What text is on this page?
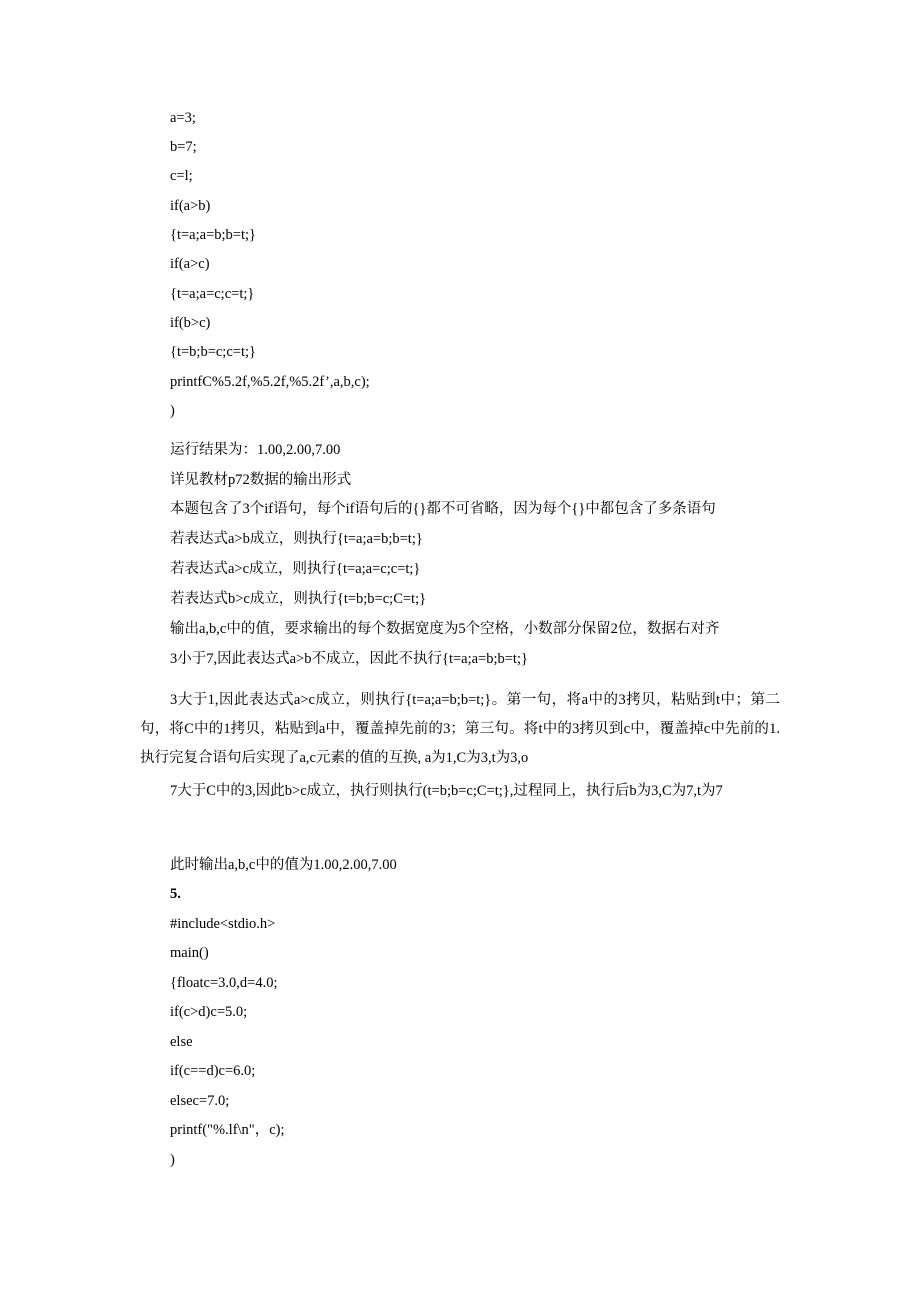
a=3;
b=7;
c=l;
if(a>b)
{t=a;a=b;b=t;}
if(a>c)
{t=a;a=c;c=t;}
if(b>c)
{t=b;b=c;c=t;}
printfC%5.2f,%5.2f,%5.2f’,a,b,c);
)
运行结果为：1.00,2.00,7.00
详见教材p72数据的输出形式
本题包含了3个if语句，每个if语句后的{}都不可省略，因为每个{}中都包含了多条语句
若表达式a>b成立，则执行{t=a;a=b;b=t;}
若表达式a>c成立，则执行{t=a;a=c;c=t;}
若表达式b>c成立，则执行{t=b;b=c;C=t;}
输出a,b,c中的值，要求输出的每个数据宽度为5个空格，小数部分保留2位，数据右对齐
3小于7,因此表达式a>b不成立，因此不执行{t=a;a=b;b=t;}
3大于1,因此表达式a>c成立，则执行{t=a;a=b;b=t;}。第一句，将a中的3拷贝，粘贴到t中；第二句，将C中的1拷贝，粘贴到a中，覆盖掉先前的3；第三句。将t中的3拷贝到c中，覆盖掉c中先前的1.执行完复合语句后实现了a,c元素的值的互换, a为1,C为3,t为3,o
7大于C中的3,因此b>c成立，执行则执行(t=b;b=c;C=t;},过程同上，执行后b为3,C为7,t为7
此时输出a,b,c中的值为1.00,2.00,7.00
5.
#include<stdio.h>
main()
{floatc=3.0,d=4.0;
if(c>d)c=5.0;
else
if(c==d)c=6.0;
elsec=7.0;
printf("%.lf\n"，c);
)
